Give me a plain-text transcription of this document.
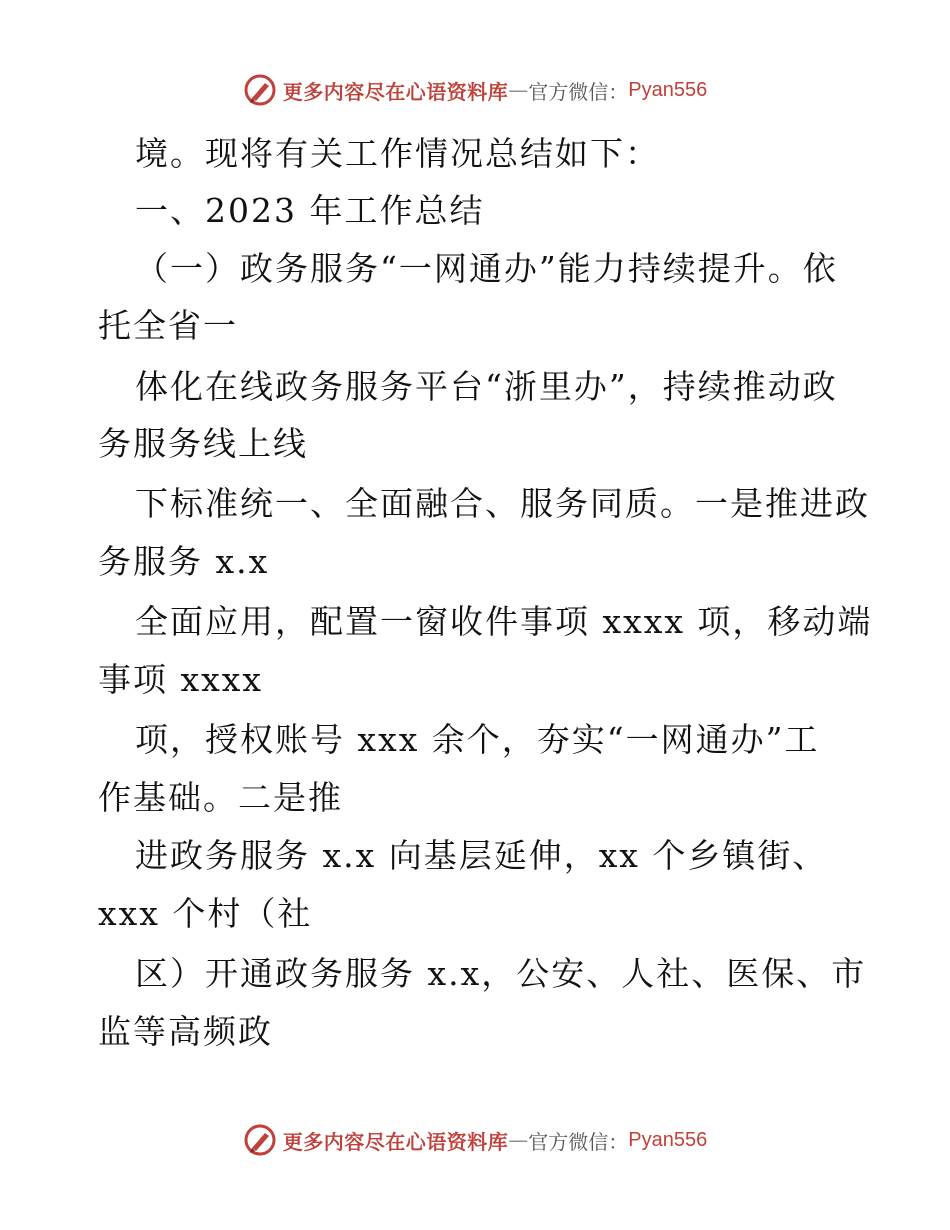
更多内容尽在心语资料库 — 官方微信： Pyan556
境。现将有关工作情况总结如下：
一、2023 年工作总结
（一）政务服务“一网通办”能力持续提升。依
托全省一
体化在线政务服务平台“浙里办”，持续推动政
务服务线上线
下标准统一、全面融合、服务同质。一是推进政
务服务 x.x
全面应用，配置一窗收件事项 xxxx 项，移动端
事项 xxxx
项，授权账号 xxx 余个，夯实“一网通办”工
作基础。二是推
进政务服务 x.x 向基层延伸，xx 个乡镇街、
xxx 个村（社
区）开通政务服务 x.x，公安、人社、医保、市
监等高频政
更多内容尽在心语资料库 — 官方微信： Pyan556
